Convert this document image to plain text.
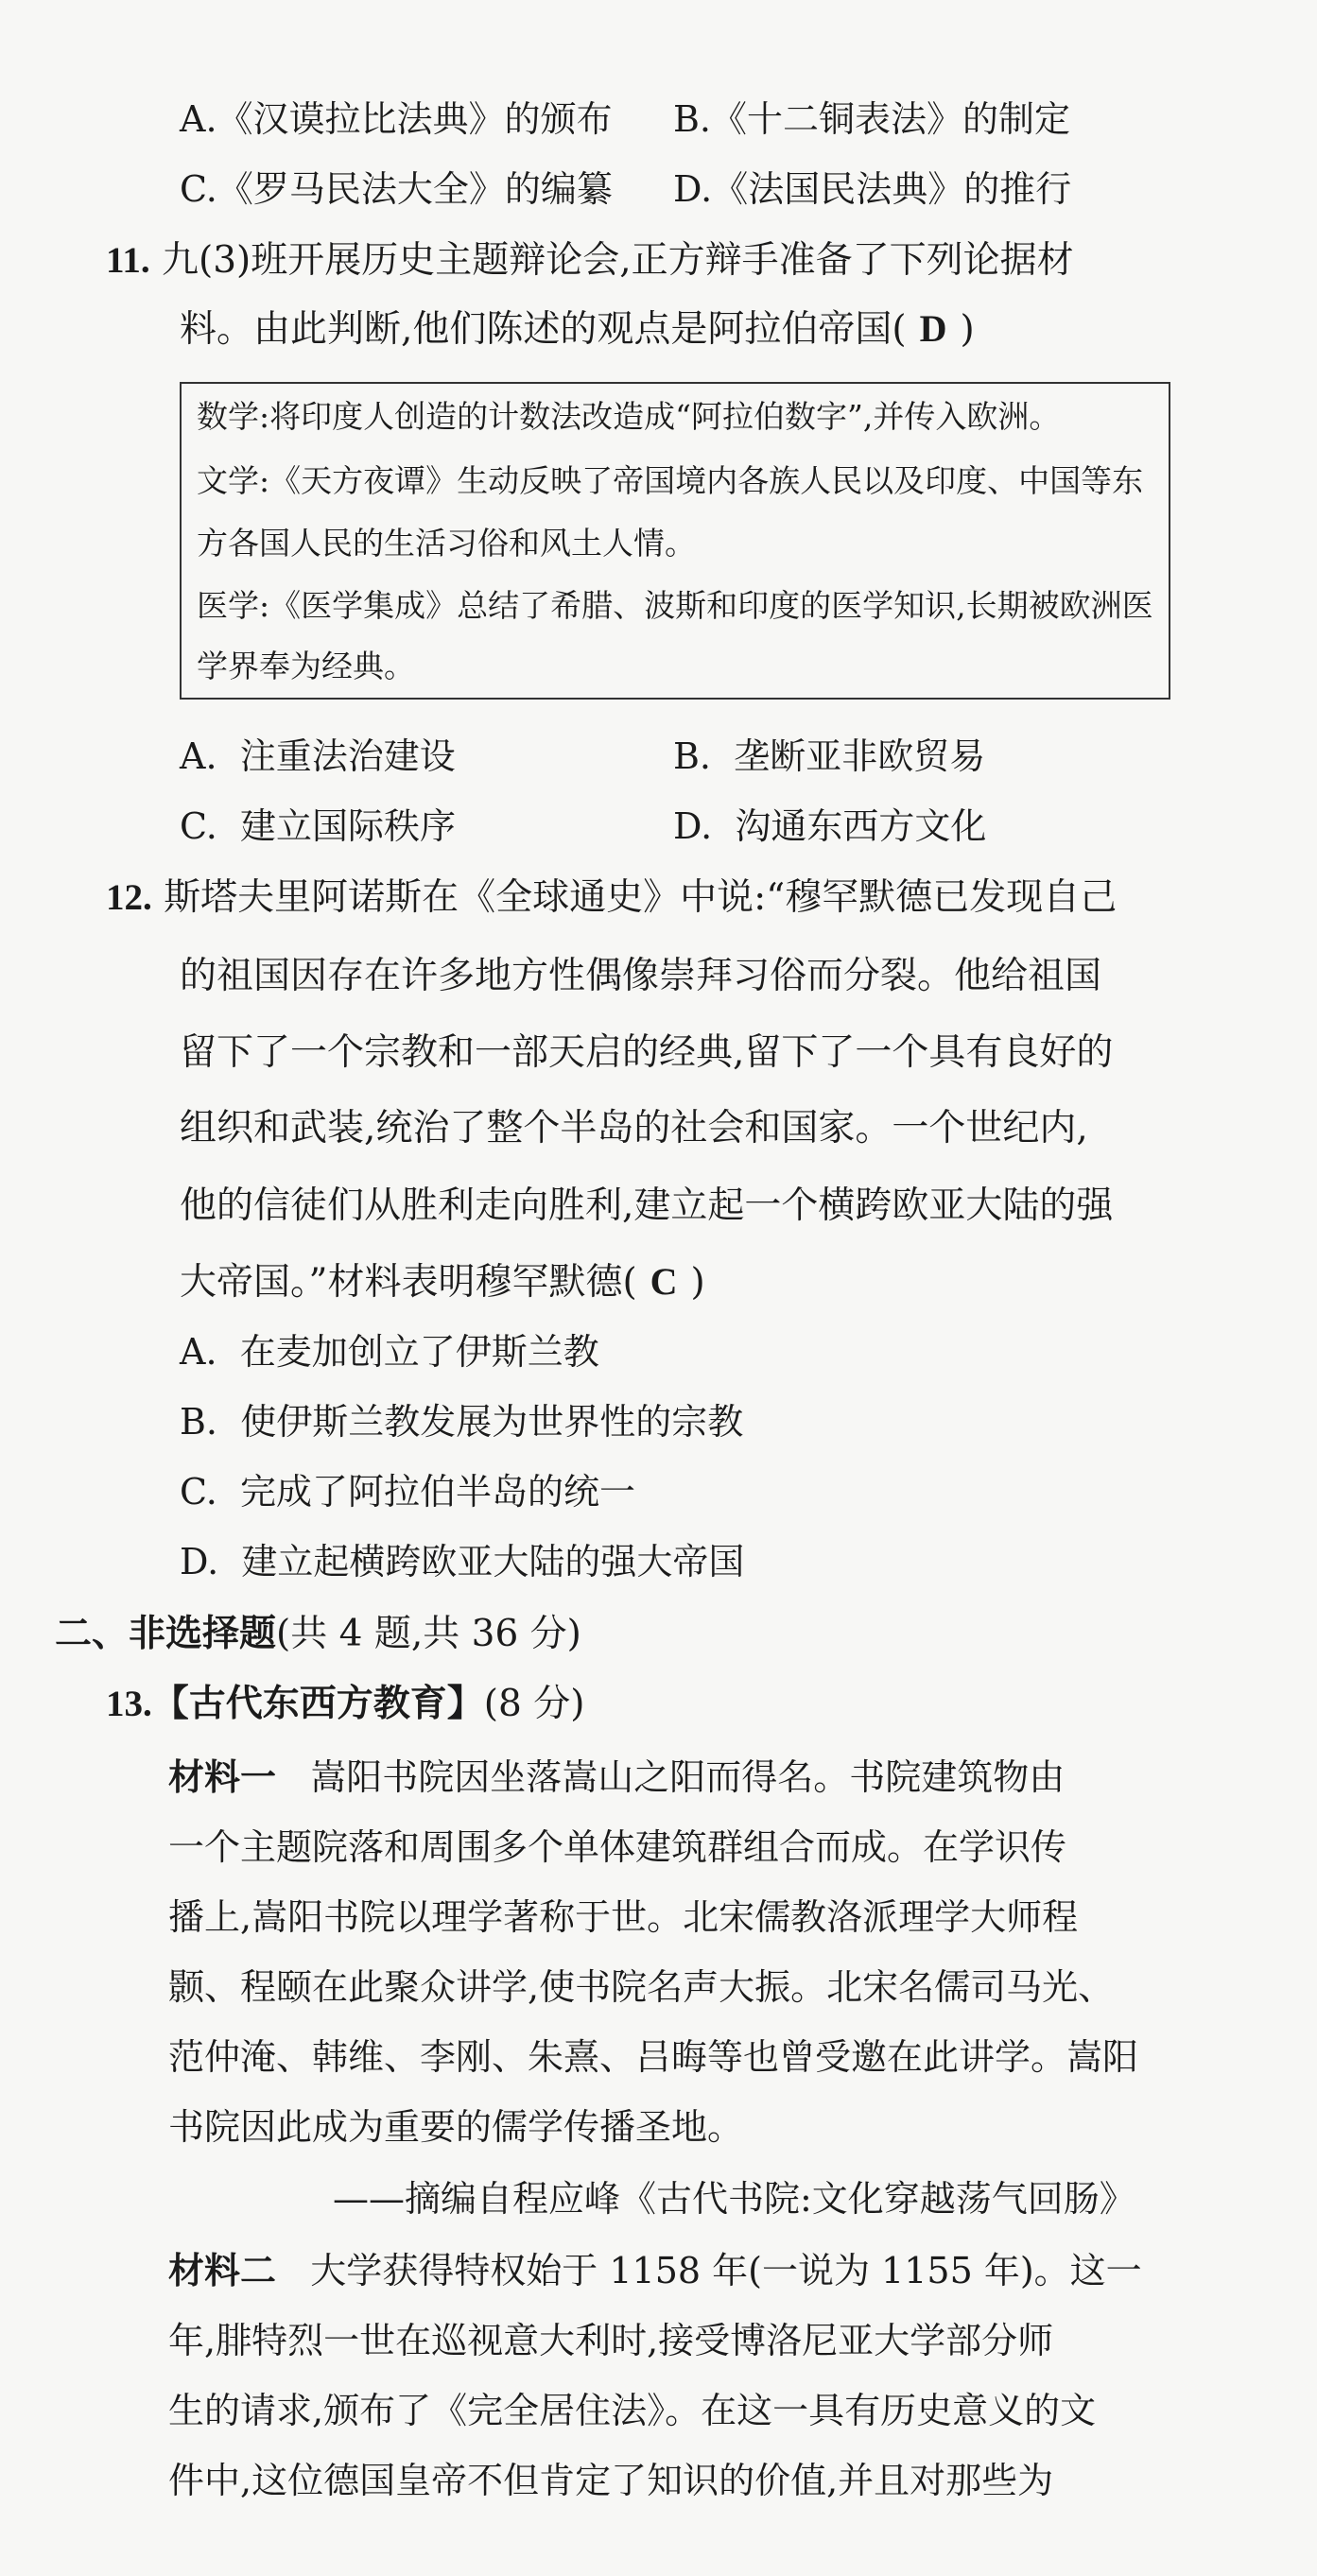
A.《汉谟拉比法典》的颁布 B.《十二铜表法》的制定
C.《罗马民法大全》的编纂 D.《法国民法典》的推行
11. 九(3)班开展历史主题辩论会,正方辩手准备了下列论据材
料。由此判断,他们陈述的观点是阿拉伯帝国( D )
数学:将印度人创造的计数法改造成“阿拉伯数字”,并传入欧洲。
文学:《天方夜谭》生动反映了帝国境内各族人民以及印度、中国等东
方各国人民的生活习俗和风土人情。
医学:《医学集成》总结了希腊、波斯和印度的医学知识,长期被欧洲医
学界奉为经典。
A. 注重法治建设	B. 垄断亚非欧贸易
C. 建立国际秩序	D. 沟通东西方文化
12. 斯塔夫里阿诺斯在《全球通史》中说:“穆罕默德已发现自己
的祖国因存在许多地方性偶像崇拜习俗而分裂。他给祖国
留下了一个宗教和一部天启的经典,留下了一个具有良好的
组织和武装,统治了整个半岛的社会和国家。一个世纪内,
他的信徒们从胜利走向胜利,建立起一个横跨欧亚大陆的强
大帝国。”材料表明穆罕默德( C )
A. 在麦加创立了伊斯兰教
B. 使伊斯兰教发展为世界性的宗教
C. 完成了阿拉伯半岛的统一
D. 建立起横跨欧亚大陆的强大帝国
二、非选择题(共 4 题,共 36 分)
13.【古代东西方教育】(8 分)
材料一 嵩阳书院因坐落嵩山之阳而得名。书院建筑物由
一个主题院落和周围多个单体建筑群组合而成。在学识传
播上,嵩阳书院以理学著称于世。北宋儒教洛派理学大师程
颢、程颐在此聚众讲学,使书院名声大振。北宋名儒司马光、
范仲淹、韩维、李刚、朱熹、吕晦等也曾受邀在此讲学。嵩阳
书院因此成为重要的儒学传播圣地。
——摘编自程应峰《古代书院:文化穿越荡气回肠》
材料二 大学获得特权始于 1158 年(一说为 1155 年)。这一
年,腓特烈一世在巡视意大利时,接受博洛尼亚大学部分师
生的请求,颁布了《完全居住法》。在这一具有历史意义的文
件中,这位德国皇帝不但肯定了知识的价值,并且对那些为
